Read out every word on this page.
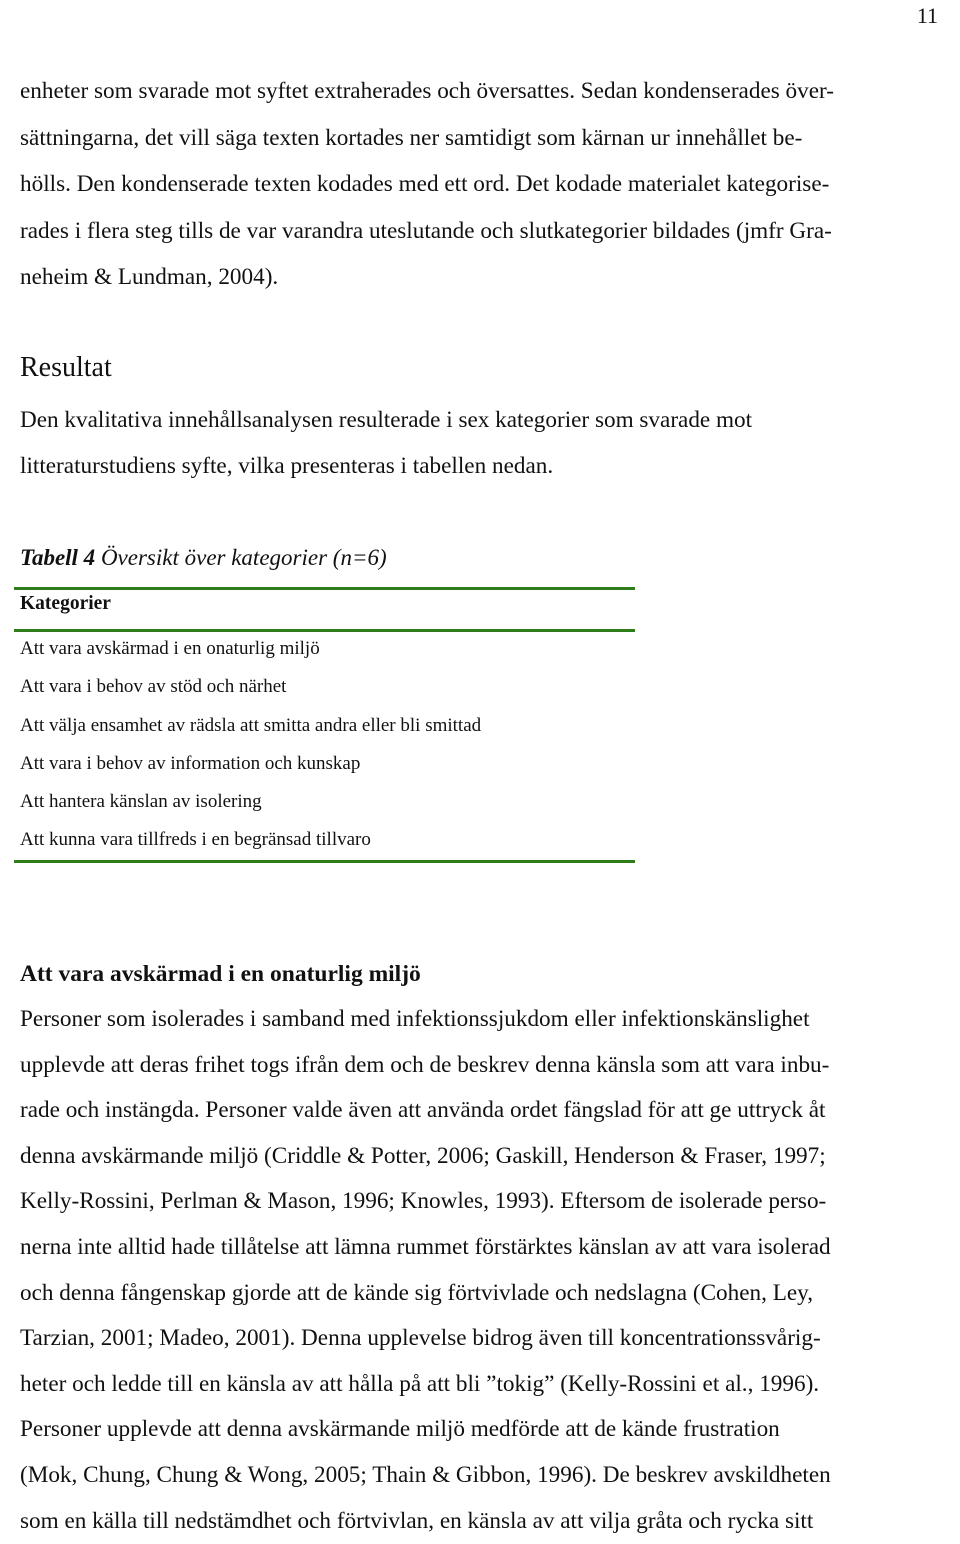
11

enheter som svarade mot syftet extraherades och översattes. Sedan kondenserades över-
sättningarna, det vill säga texten kortades ner samtidigt som kärnan ur innehållet be-
hölls. Den kondenserade texten kodades med ett ord. Det kodade materialet kategorise-
rades i flera steg tills de var varandra uteslutande och slutkategorier bildades (jmfr Gra-
neheim & Lundman, 2004).

Resultat

Den kvalitativa innehållsanalysen resulterade i sex kategorier som svarade mot
litteraturstudiens syfte, vilka presenteras i tabellen nedan.

Tabell 4 Översikt över kategorier (n=6)
Kategorier
Att vara avskärmad i en onaturlig miljö
Att vara i behov av stöd och närhet
Att välja ensamhet av rädsla att smitta andra eller bli smittad
Att vara i behov av information och kunskap
Att hantera känslan av isolering
Att kunna vara tillfreds i en begränsad tillvaro
Att vara avskärmad i en onaturlig miljö

Personer som isolerades i samband med infektionssjukdom eller infektionskänslighet
upplevde att deras frihet togs ifrån dem och de beskrev denna känsla som att vara inbu-
rade och instängda. Personer valde även att använda ordet fängslad för att ge uttryck åt
denna avskärmande miljö (Criddle & Potter, 2006; Gaskill, Henderson & Fraser, 1997;
Kelly-Rossini, Perlman & Mason, 1996; Knowles, 1993). Eftersom de isolerade perso-
nerna inte alltid hade tillåtelse att lämna rummet förstärktes känslan av att vara isolerad
och denna fångenskap gjorde att de kände sig förtvivlade och nedslagna (Cohen, Ley,
Tarzian, 2001; Madeo, 2001). Denna upplevelse bidrog även till koncentrationssvårig-
heter och ledde till en känsla av att hålla på att bli ”tokig” (Kelly-Rossini et al., 1996).
Personer upplevde att denna avskärmande miljö medförde att de kände frustration
(Mok, Chung, Chung & Wong, 2005; Thain & Gibbon, 1996). De beskrev avskildheten
som en källa till nedstämdhet och förtvivlan, en känsla av att vilja gråta och rycka sitt
